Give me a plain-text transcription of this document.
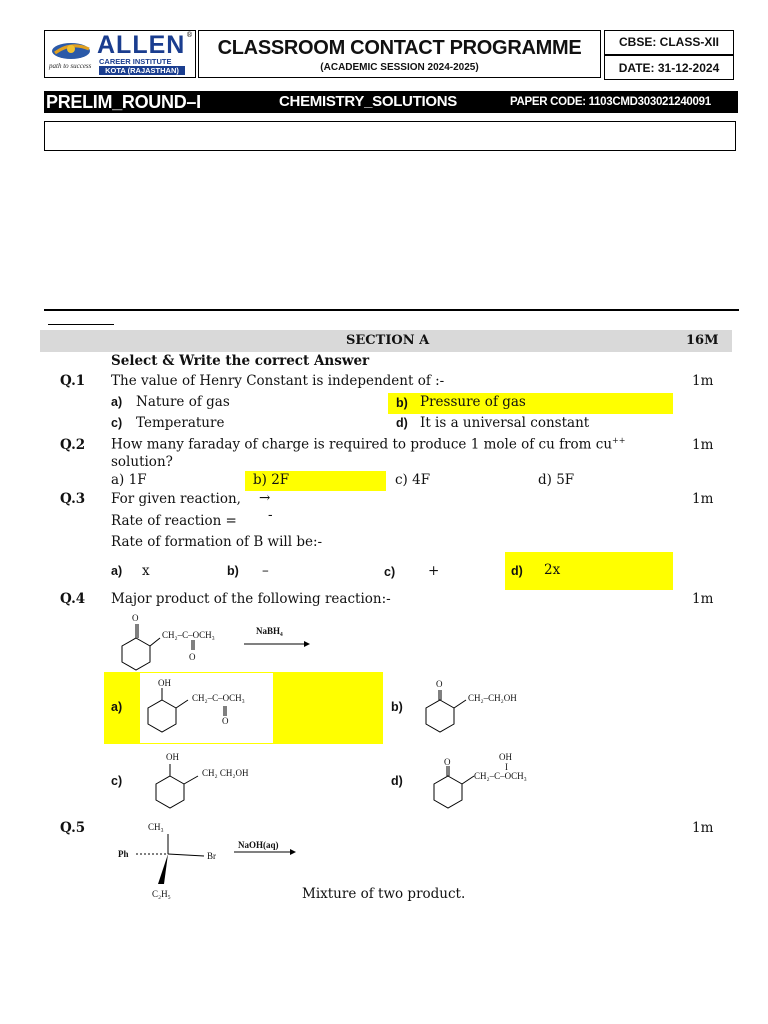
path to success
ALLEN ®
CAREER INSTITUTE
KOTA (RAJASTHAN)
CLASSROOM CONTACT PROGRAMME
(ACADEMIC SESSION 2024-2025)
CBSE: CLASS-XII
DATE: 31-12-2024
PRELIM_ROUND–I	CHEMISTRY_SOLUTIONS	PAPER CODE: 1103CMD303021240091
SECTION A	16M
Select & Write the correct Answer
Q.1 The value of Henry Constant is independent of :-	1m
a) Nature of gas	b) Pressure of gas
c) Temperature	d) It is a universal constant
Q.2 How many faraday of charge is required to produce 1 mole of cu from cu++	1m
solution?
a) 1F	b) 2F	c) 4F	d) 5F
Q.3 For given reaction, →	1m
Rate of reaction = -
Rate of formation of B will be:-
a) x	b) –	c) +	d) 2x
Q.4 Major product of the following reaction:-	1m
O
CH₂–C–OCH₃
O
NaBH₄
a)
OH
CH₂–C–OCH₃
O
b)
O
CH₂–CH₂OH
c)
OH
CH₂ CH₂OH
d)
O	OH
I
CH₂–C–OCH₃
Q.5	1m
CH₃
Ph	Br
C₂H₅
NaOH(aq)
Mixture of two product.
